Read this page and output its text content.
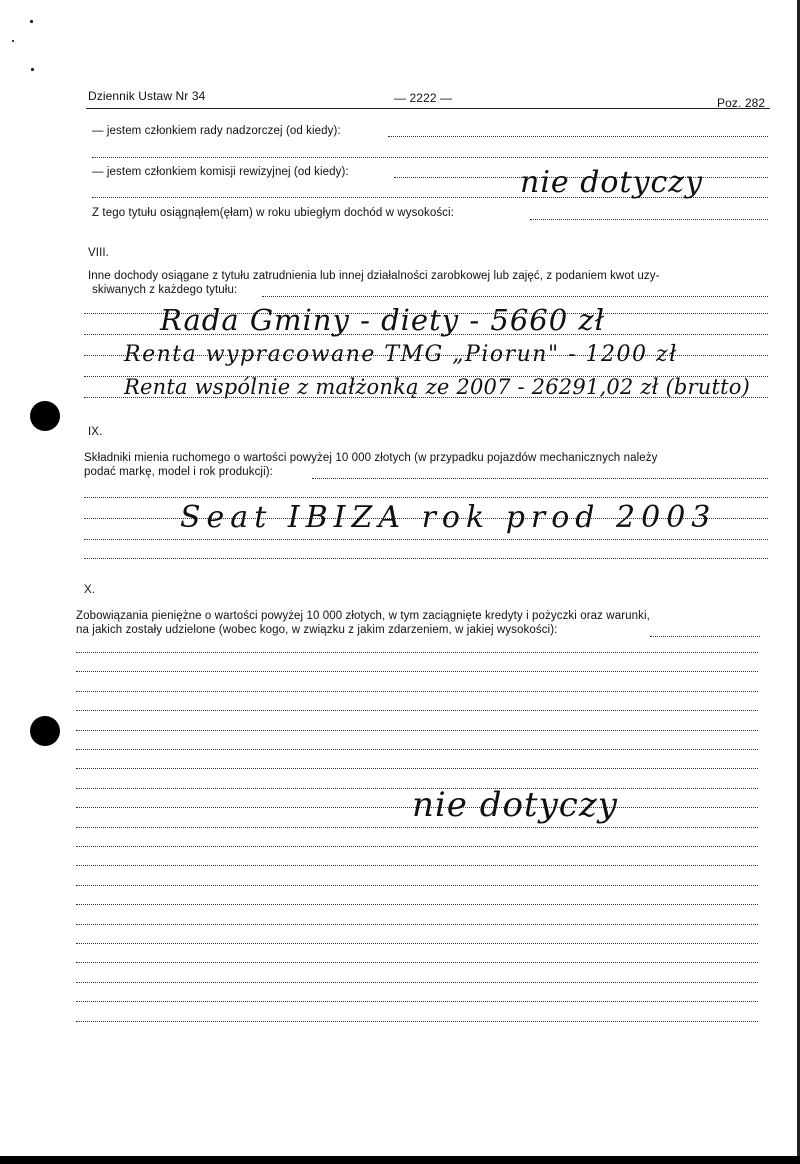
Dziennik Ustaw Nr 34	— 2222 —	Poz. 282
— jestem członkiem rady nadzorczej (od kiedy):
— jestem członkiem komisji rewizyjnej (od kiedy):	nie dotyczy
Z tego tytułu osiągnąłem(ęłam) w roku ubiegłym dochód w wysokości:
VIII.
Inne dochody osiągane z tytułu zatrudnienia lub innej działalności zarobkowej lub zajęć, z podaniem kwot uzy-
skiwanych z każdego tytułu:
Rada Gminy - diety - 5660 zł
Renta wypracowane TMG „Piorun" - 1200 zł
Renta wspólnie z małżonką ze 2007 - 26291,02 zł (brutto)
IX.
Składniki mienia ruchomego o wartości powyżej 10 000 złotych (w przypadku pojazdów mechanicznych należy
podać markę, model i rok produkcji):
Seat IBIZA rok prod 2003
X.
Zobowiązania pieniężne o wartości powyżej 10 000 złotych, w tym zaciągnięte kredyty i pożyczki oraz warunki,
na jakich zostały udzielone (wobec kogo, w związku z jakim zdarzeniem, w jakiej wysokości):
nie dotyczy
